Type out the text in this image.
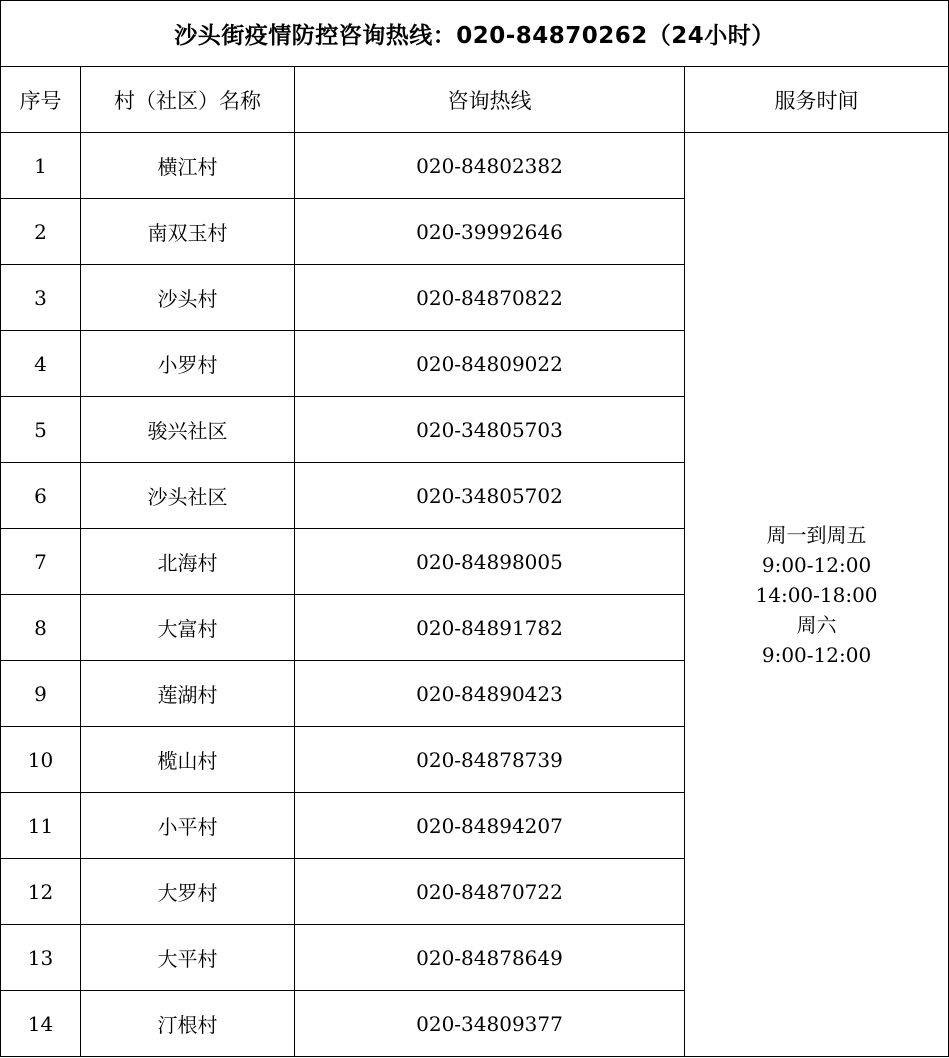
沙头街疫情防控咨询热线：020-84870262（24小时）			
序号	村（社区）名称	咨询热线	服务时间
1	横江村	020-84802382	周一到周五
9:00-12:00
14:00-18:00
周六
9:00-12:00

2	南双玉村	020-39992646	
3	沙头村	020-84870822	
4	小罗村	020-84809022	
5	骏兴社区	020-34805703	
6	沙头社区	020-34805702	
7	北海村	020-84898005	
8	大富村	020-84891782	
9	莲湖村	020-84890423	
10	榄山村	020-84878739	
11	小平村	020-84894207	
12	大罗村	020-84870722	
13	大平村	020-84878649	
14	汀根村	020-34809377	
